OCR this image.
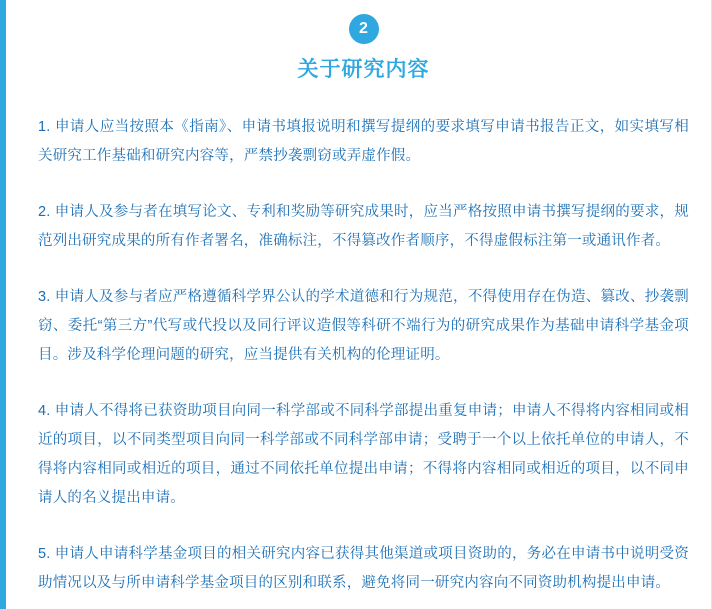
2
关于研究内容

1. 申请人应当按照本《指南》、申请书填报说明和撰写提纲的要求填写申请书报告正文，如实填写相关研究工作基础和研究内容等，严禁抄袭剽窃或弄虚作假。

2. 申请人及参与者在填写论文、专利和奖励等研究成果时，应当严格按照申请书撰写提纲的要求，规范列出研究成果的所有作者署名，准确标注，不得篡改作者顺序，不得虚假标注第一或通讯作者。

3. 申请人及参与者应严格遵循科学界公认的学术道德和行为规范，不得使用存在伪造、篡改、抄袭剽窃、委托“第三方”代写或代投以及同行评议造假等科研不端行为的研究成果作为基础申请科学基金项目。涉及科学伦理问题的研究，应当提供有关机构的伦理证明。

4. 申请人不得将已获资助项目向同一科学部或不同科学部提出重复申请；申请人不得将内容相同或相近的项目，以不同类型项目向同一科学部或不同科学部申请；受聘于一个以上依托单位的申请人，不得将内容相同或相近的项目，通过不同依托单位提出申请；不得将内容相同或相近的项目，以不同申请人的名义提出申请。

5. 申请人申请科学基金项目的相关研究内容已获得其他渠道或项目资助的，务必在申请书中说明受资助情况以及与所申请科学基金项目的区别和联系，避免将同一研究内容向不同资助机构提出申请。
